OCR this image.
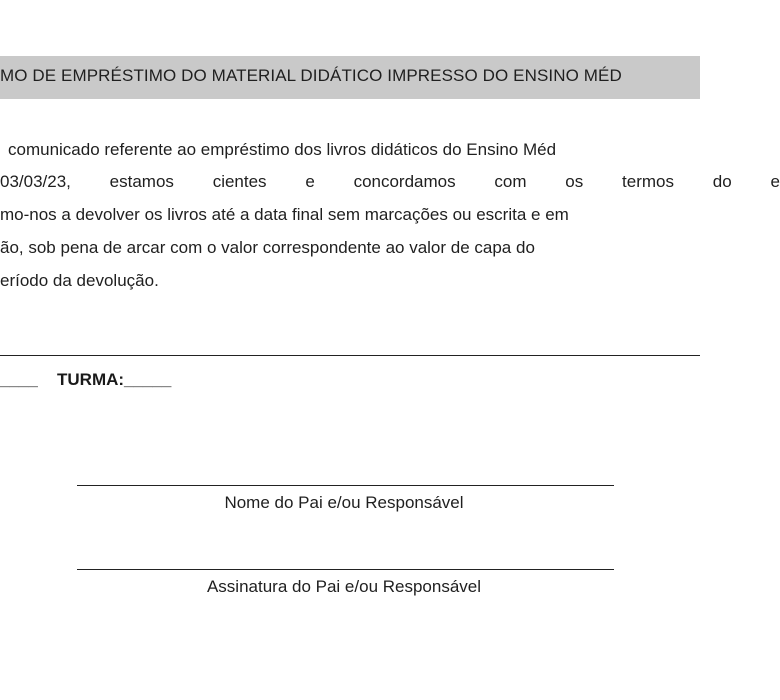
MO DE EMPRÉSTIMO DO MATERIAL DIDÁTICO IMPRESSO DO ENSINO MÉD
comunicado referente ao empréstimo dos livros didáticos do Ensino Méd
03/03/23, estamos cientes e concordamos com os termos do e
mo-nos a devolver os livros até a data final sem marcações ou escrita e em
ão, sob pena de arcar com o valor correspondente ao valor de capa do
eríodo da devolução.
____ TURMA:_____
Nome do Pai e/ou Responsável
Assinatura do Pai e/ou Responsável
